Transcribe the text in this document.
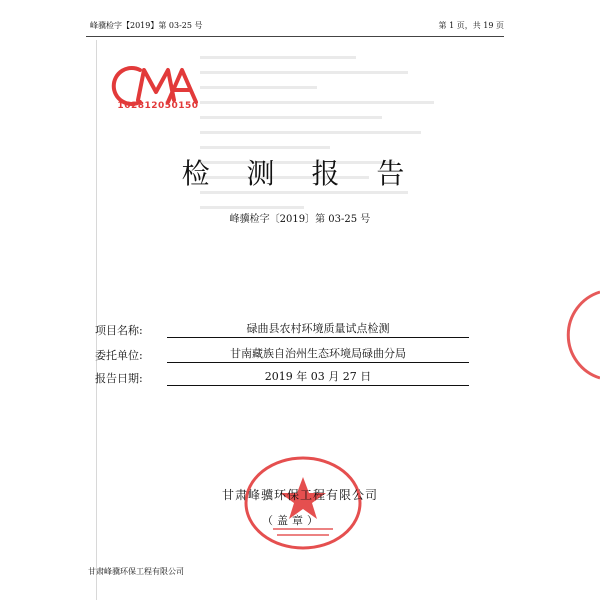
峰骥检字【2019】第 03-25 号	第 1 页，共 19 页
162812050150
检 测 报 告
峰骥检字〔2019〕第 03-25 号
项目名称:	碌曲县农村环境质量试点检测
委托单位:	甘南藏族自治州生态环境局碌曲分局
报告日期:	2019 年 03 月 27 日
甘肃峰骥环保工程有限公司
（盖章）
甘肃峰骥环保工程有限公司
